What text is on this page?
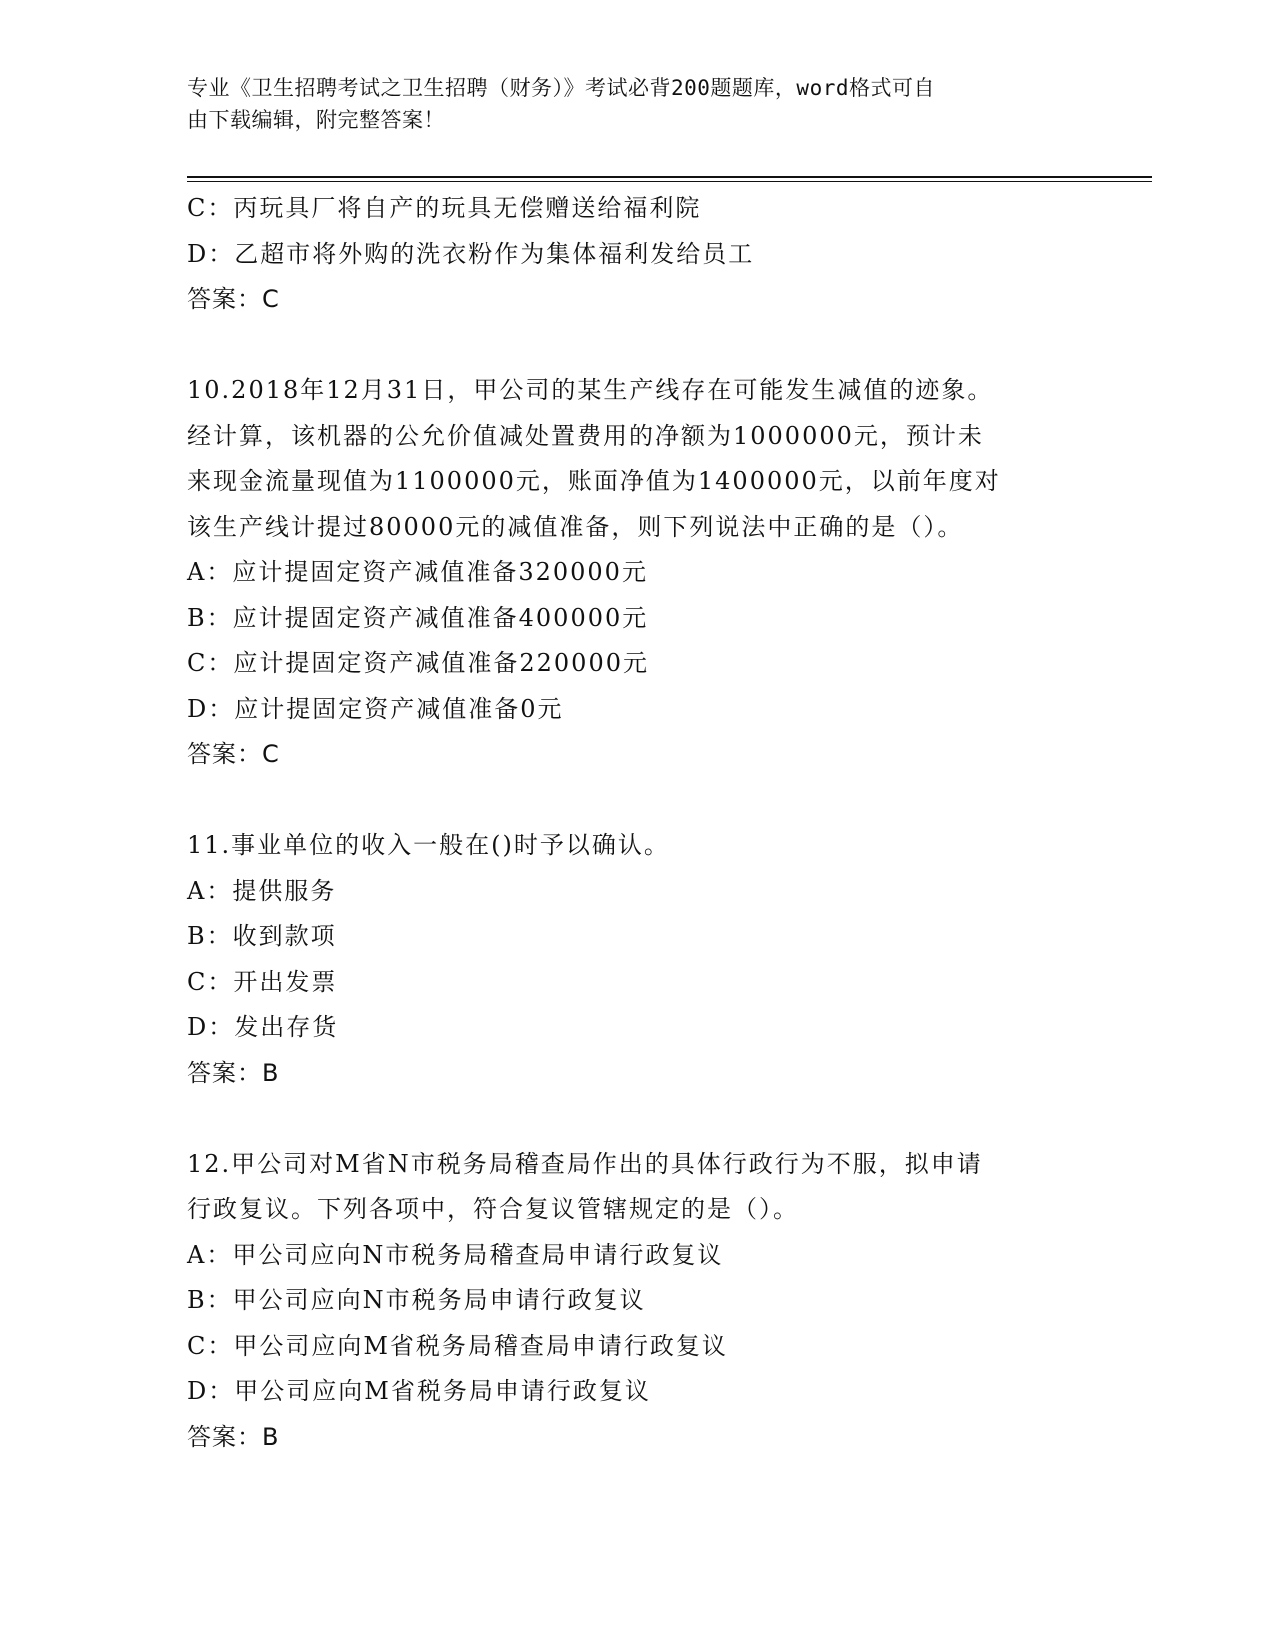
专业《卫生招聘考试之卫生招聘（财务）》考试必背200题题库，word格式可自
由下载编辑，附完整答案！
C：丙玩具厂将自产的玩具无偿赠送给福利院
D：乙超市将外购的洗衣粉作为集体福利发给员工
答案：C
10.2018年12月31日，甲公司的某生产线存在可能发生减值的迹象。
经计算，该机器的公允价值减处置费用的净额为1000000元，预计未
来现金流量现值为1100000元，账面净值为1400000元，以前年度对
该生产线计提过80000元的减值准备，则下列说法中正确的是（）。
A：应计提固定资产减值准备320000元
B：应计提固定资产减值准备400000元
C：应计提固定资产减值准备220000元
D：应计提固定资产减值准备0元
答案：C
11.事业单位的收入一般在()时予以确认。
A：提供服务
B：收到款项
C：开出发票
D：发出存货
答案：B
12.甲公司对M省N市税务局稽查局作出的具体行政行为不服，拟申请
行政复议。下列各项中，符合复议管辖规定的是（）。
A：甲公司应向N市税务局稽查局申请行政复议
B：甲公司应向N市税务局申请行政复议
C：甲公司应向M省税务局稽查局申请行政复议
D：甲公司应向M省税务局申请行政复议
答案：B
